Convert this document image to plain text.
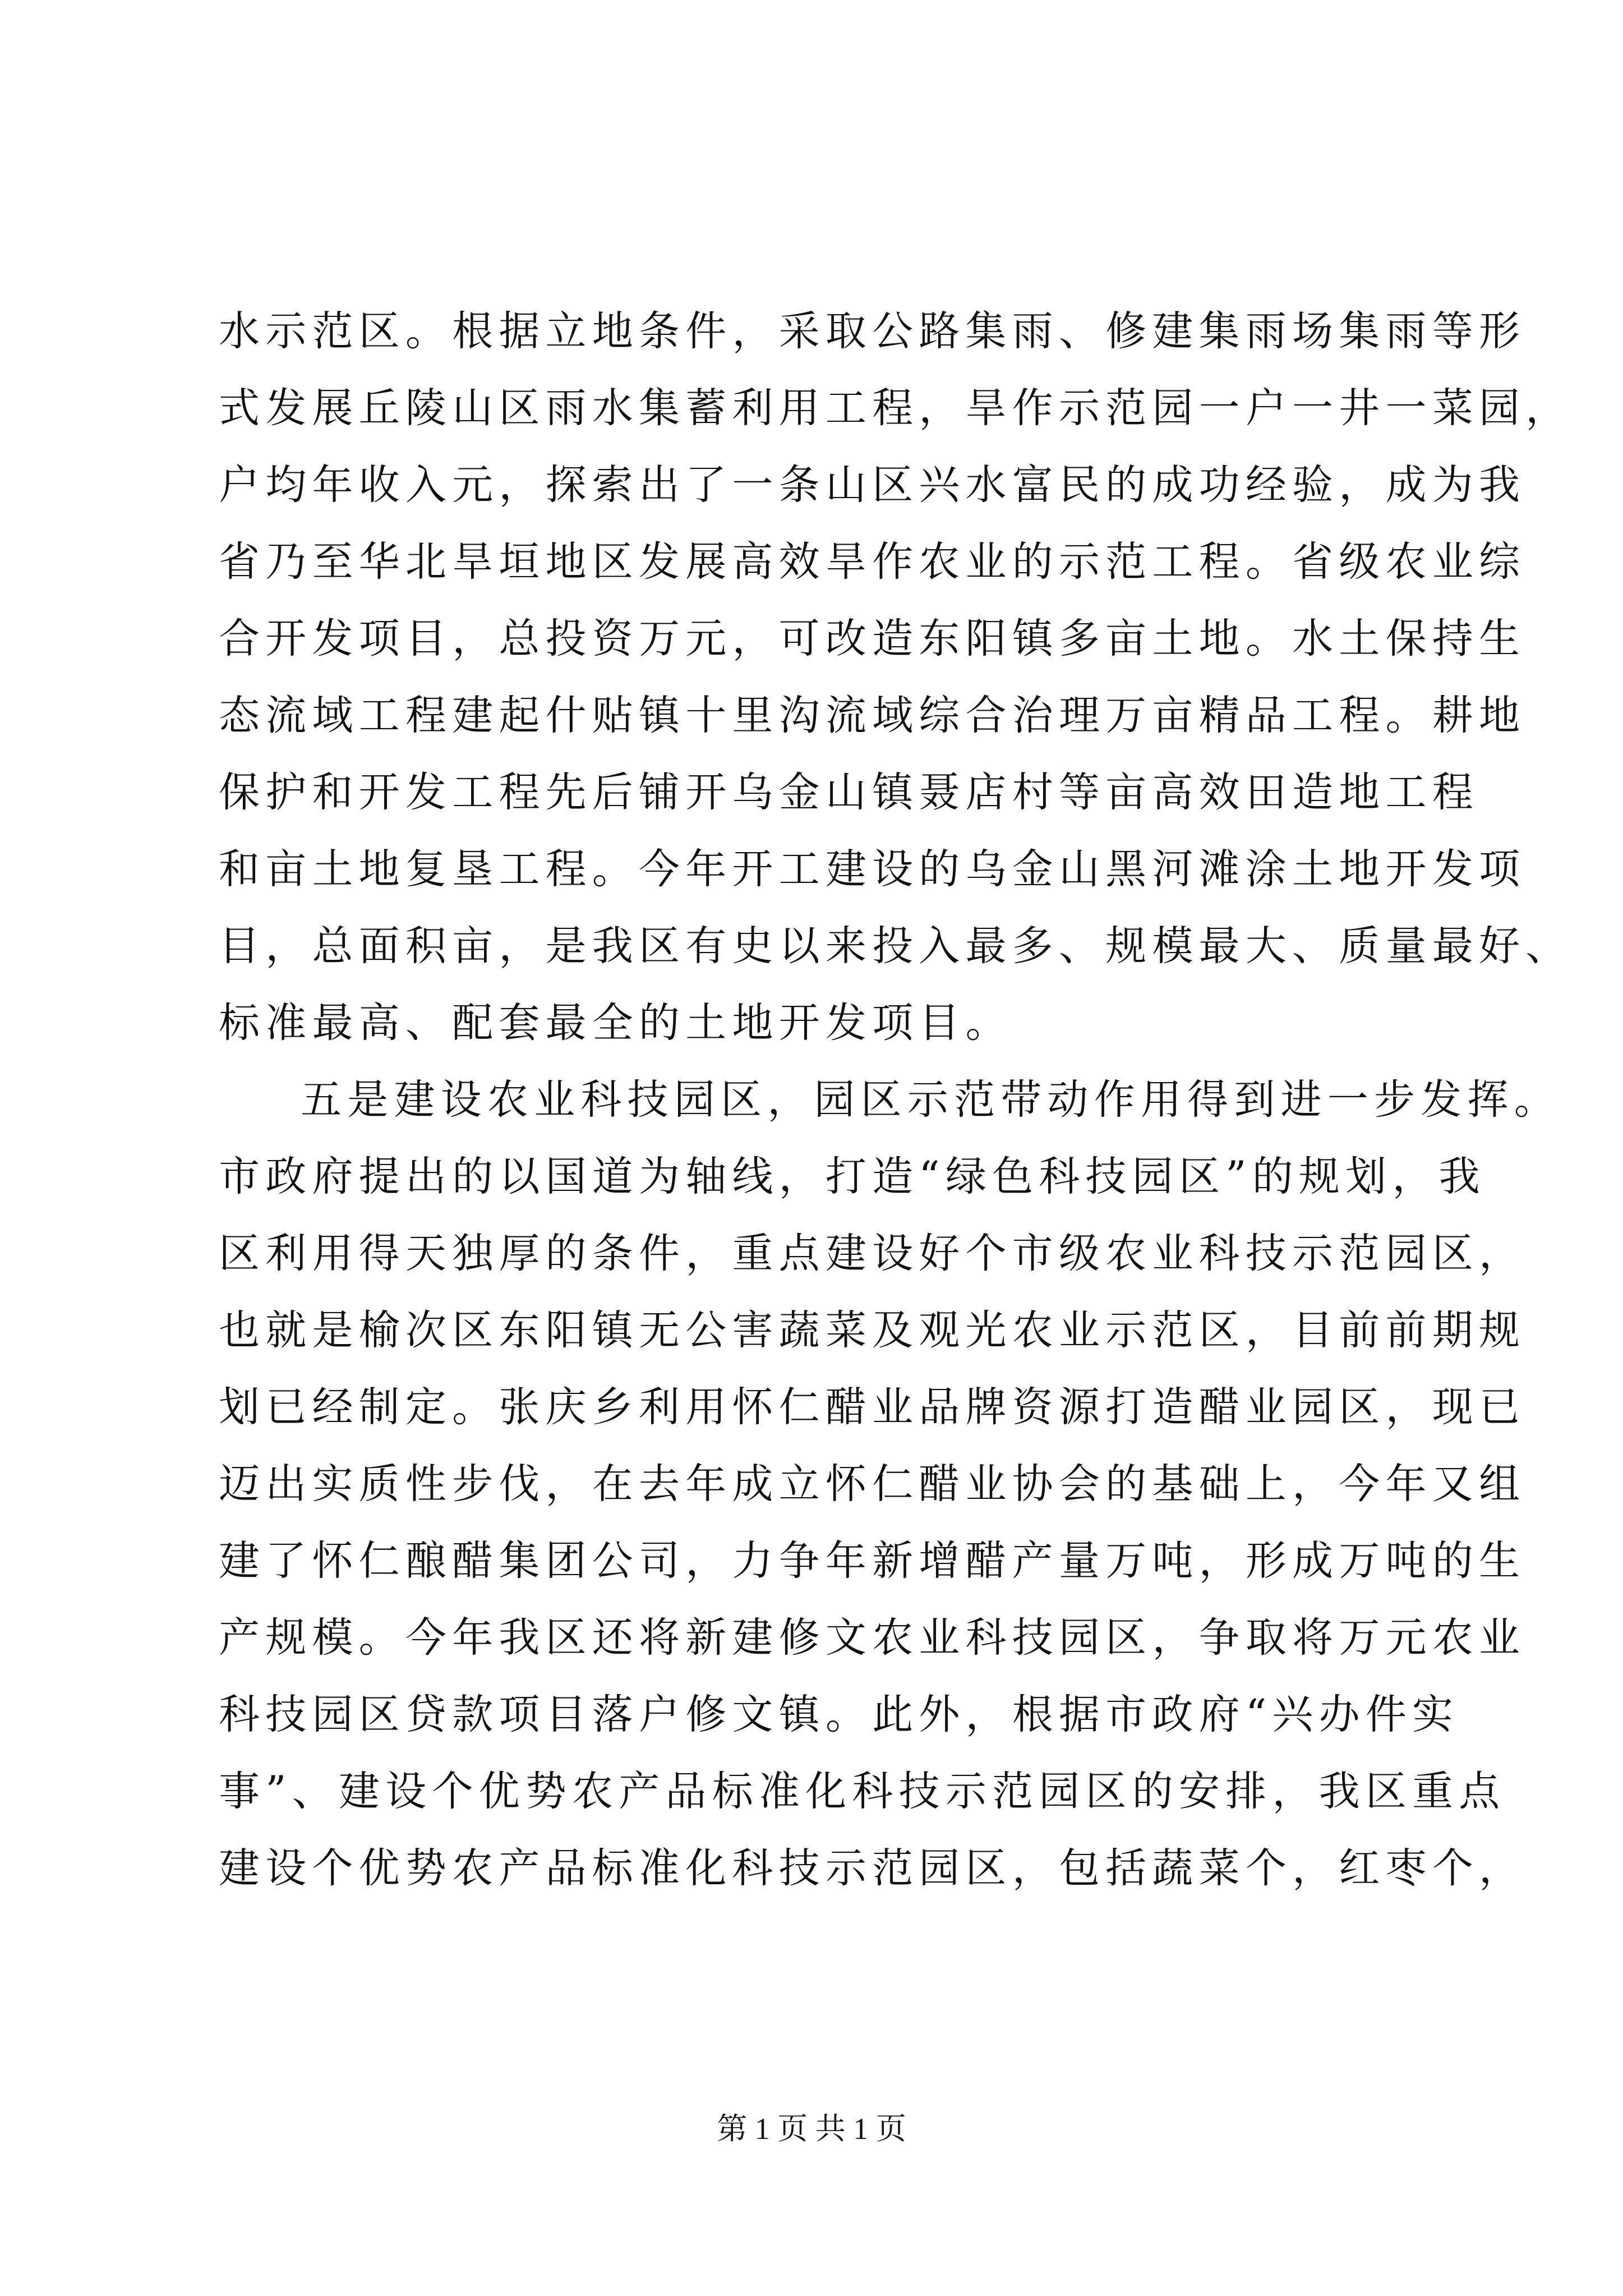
水示范区。根据立地条件，采取公路集雨、修建集雨场集雨等形
式发展丘陵山区雨水集蓄利用工程，旱作示范园一户一井一菜园，
户均年收入元，探索出了一条山区兴水富民的成功经验，成为我
省乃至华北旱垣地区发展高效旱作农业的示范工程。省级农业综
合开发项目，总投资万元，可改造东阳镇多亩土地。水土保持生
态流域工程建起什贴镇十里沟流域综合治理万亩精品工程。耕地
保护和开发工程先后铺开乌金山镇聂店村等亩高效田造地工程
和亩土地复垦工程。今年开工建设的乌金山黑河滩涂土地开发项
目，总面积亩，是我区有史以来投入最多、规模最大、质量最好、
标准最高、配套最全的土地开发项目。
五是建设农业科技园区，园区示范带动作用得到进一步发挥。
市政府提出的以国道为轴线，打造“绿色科技园区”的规划，我
区利用得天独厚的条件，重点建设好个市级农业科技示范园区，
也就是榆次区东阳镇无公害蔬菜及观光农业示范区，目前前期规
划已经制定。张庆乡利用怀仁醋业品牌资源打造醋业园区，现已
迈出实质性步伐，在去年成立怀仁醋业协会的基础上，今年又组
建了怀仁酿醋集团公司，力争年新增醋产量万吨，形成万吨的生
产规模。今年我区还将新建修文农业科技园区，争取将万元农业
科技园区贷款项目落户修文镇。此外，根据市政府“兴办件实
事”、建设个优势农产品标准化科技示范园区的安排，我区重点
建设个优势农产品标准化科技示范园区，包括蔬菜个，红枣个，
第 1 页 共 1 页
